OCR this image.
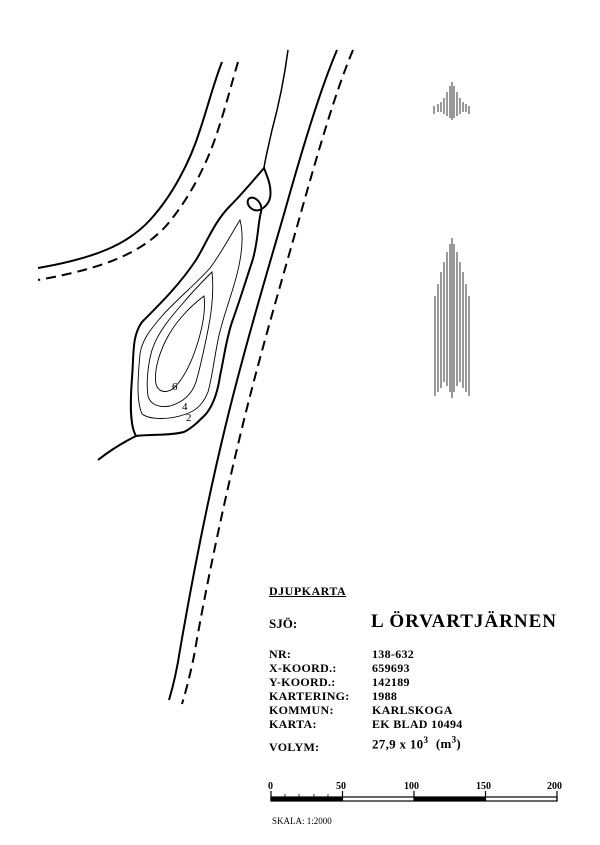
6
4
2
DJUPKARTA
SJÖ:	L ÖRVARTJÄRNEN
NR:	138-632
X-KOORD.:	659693
Y-KOORD.:	142189
KARTERING: 1988
KOMMUN:	KARLSKOGA
KARTA:	EK BLAD 10494
VOLYM:	27,9 x $10^3$ $(m^3)$
0	50	100	150	200
SKALA: 1:2000
